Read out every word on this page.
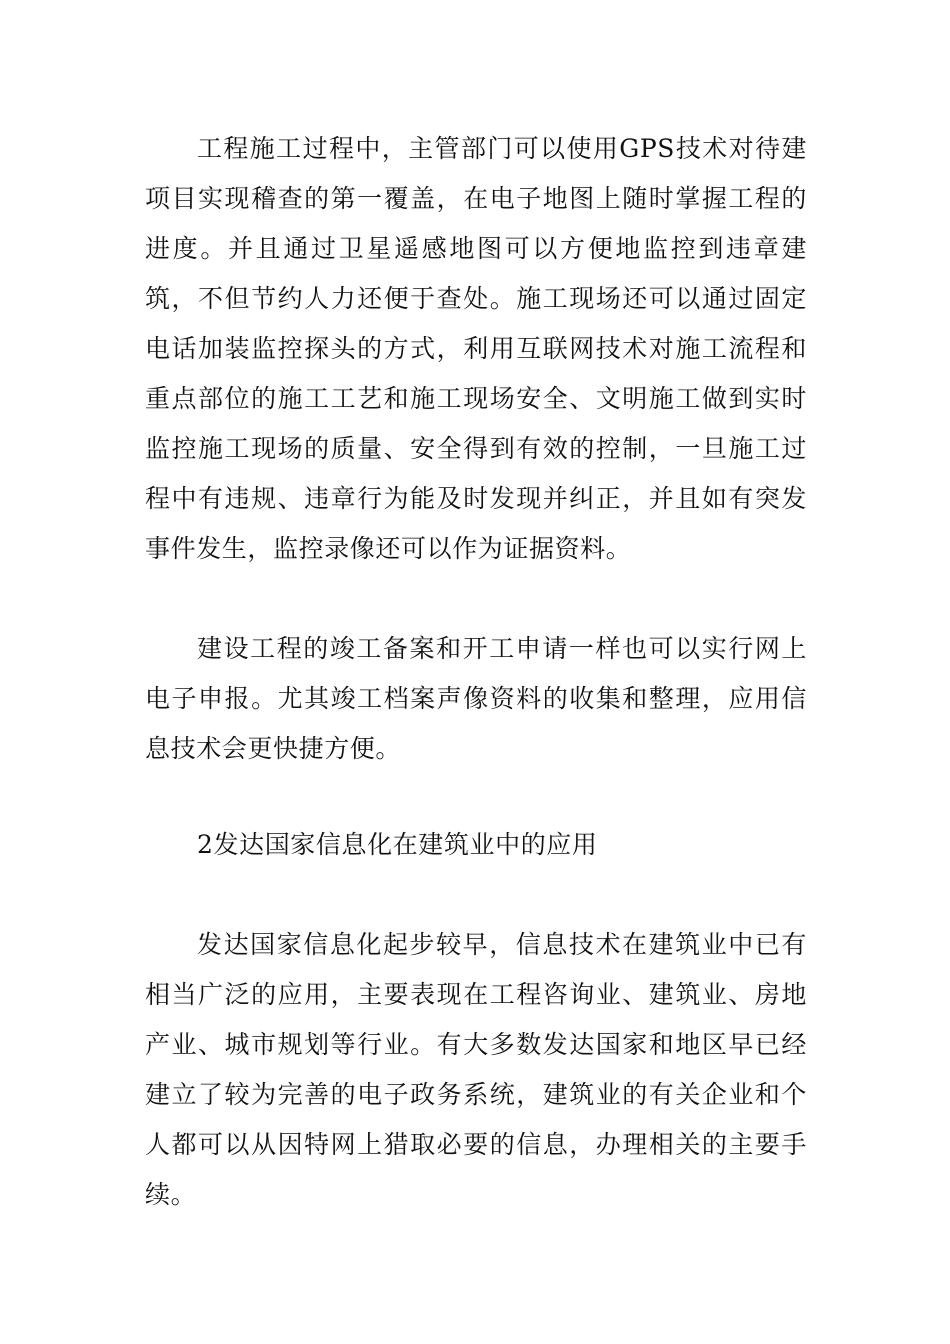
工程施工过程中，主管部门可以使用GPS技术对待建项目实现稽查的第一覆盖，在电子地图上随时掌握工程的进度。并且通过卫星遥感地图可以方便地监控到违章建筑，不但节约人力还便于查处。施工现场还可以通过固定电话加装监控探头的方式，利用互联网技术对施工流程和重点部位的施工工艺和施工现场安全、文明施工做到实时监控施工现场的质量、安全得到有效的控制，一旦施工过程中有违规、违章行为能及时发现并纠正，并且如有突发事件发生，监控录像还可以作为证据资料。

建设工程的竣工备案和开工申请一样也可以实行网上电子申报。尤其竣工档案声像资料的收集和整理，应用信息技术会更快捷方便。

2发达国家信息化在建筑业中的应用

发达国家信息化起步较早，信息技术在建筑业中已有相当广泛的应用，主要表现在工程咨询业、建筑业、房地产业、城市规划等行业。有大多数发达国家和地区早已经建立了较为完善的电子政务系统，建筑业的有关企业和个人都可以从因特网上猎取必要的信息，办理相关的主要手续。
